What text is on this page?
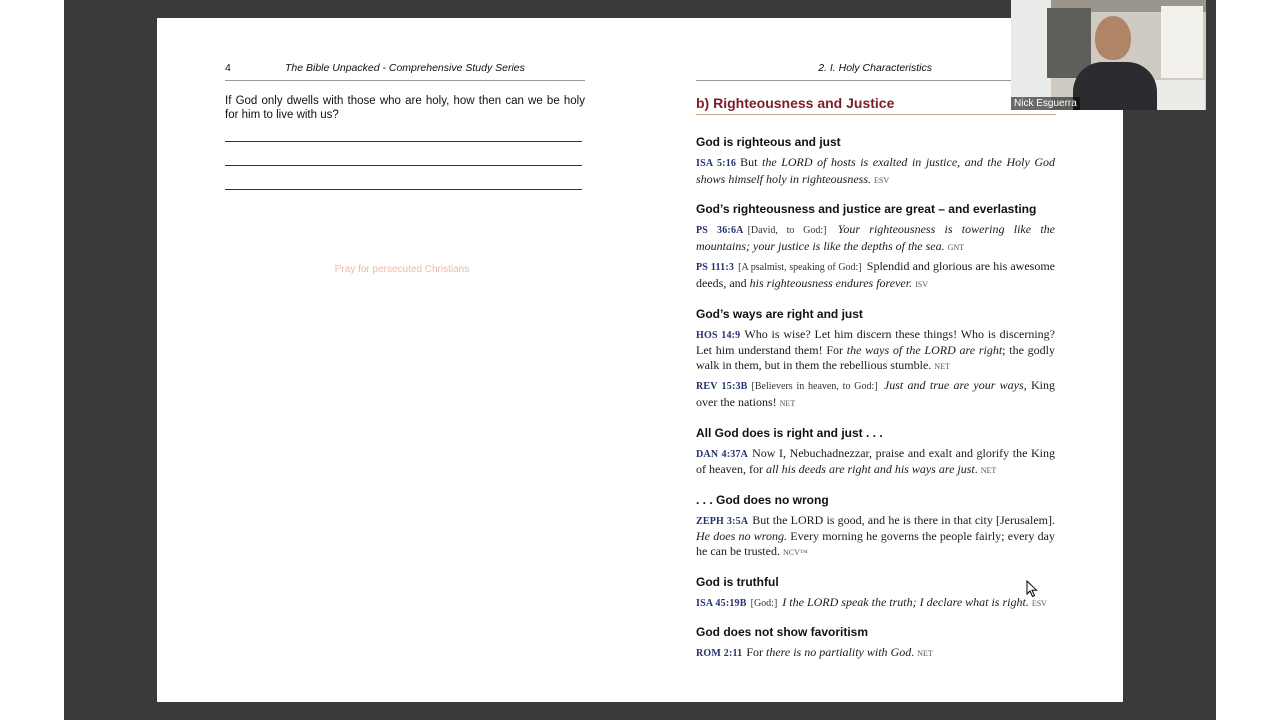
4	The Bible Unpacked - Comprehensive Study Series
If God only dwells with those who are holy, how then can we be holy for him to live with us?
Pray for persecuted Christians
2. I. Holy Characteristics
b) Righteousness and Justice
God is righteous and just
ISA 5:16 But the LORD of hosts is exalted in justice, and the Holy God shows himself holy in righteousness. ESV
God’s righteousness and justice are great – and everlasting
PS 36:6A [David, to God:] Your righteousness is towering like the mountains; your justice is like the depths of the sea. GNT
PS 111:3 [A psalmist, speaking of God:] Splendid and glorious are his awesome deeds, and his righteousness endures forever. ISV
God’s ways are right and just
HOS 14:9 Who is wise? Let him discern these things! Who is discerning? Let him understand them! For the ways of the LORD are right; the godly walk in them, but in them the rebellious stumble. NET
REV 15:3B [Believers in heaven, to God:] Just and true are your ways, King over the nations! NET
All God does is right and just . . .
DAN 4:37A Now I, Nebuchadnezzar, praise and exalt and glorify the King of heaven, for all his deeds are right and his ways are just. NET
. . . God does no wrong
ZEPH 3:5A But the LORD is good, and he is there in that city [Jerusalem]. He does no wrong. Every morning he governs the people fairly; every day he can be trusted. NCV™
God is truthful
ISA 45:19B [God:] I the LORD speak the truth; I declare what is right. ESV
God does not show favoritism
ROM 2:11 For there is no partiality with God. NET
Nick Esguerra
